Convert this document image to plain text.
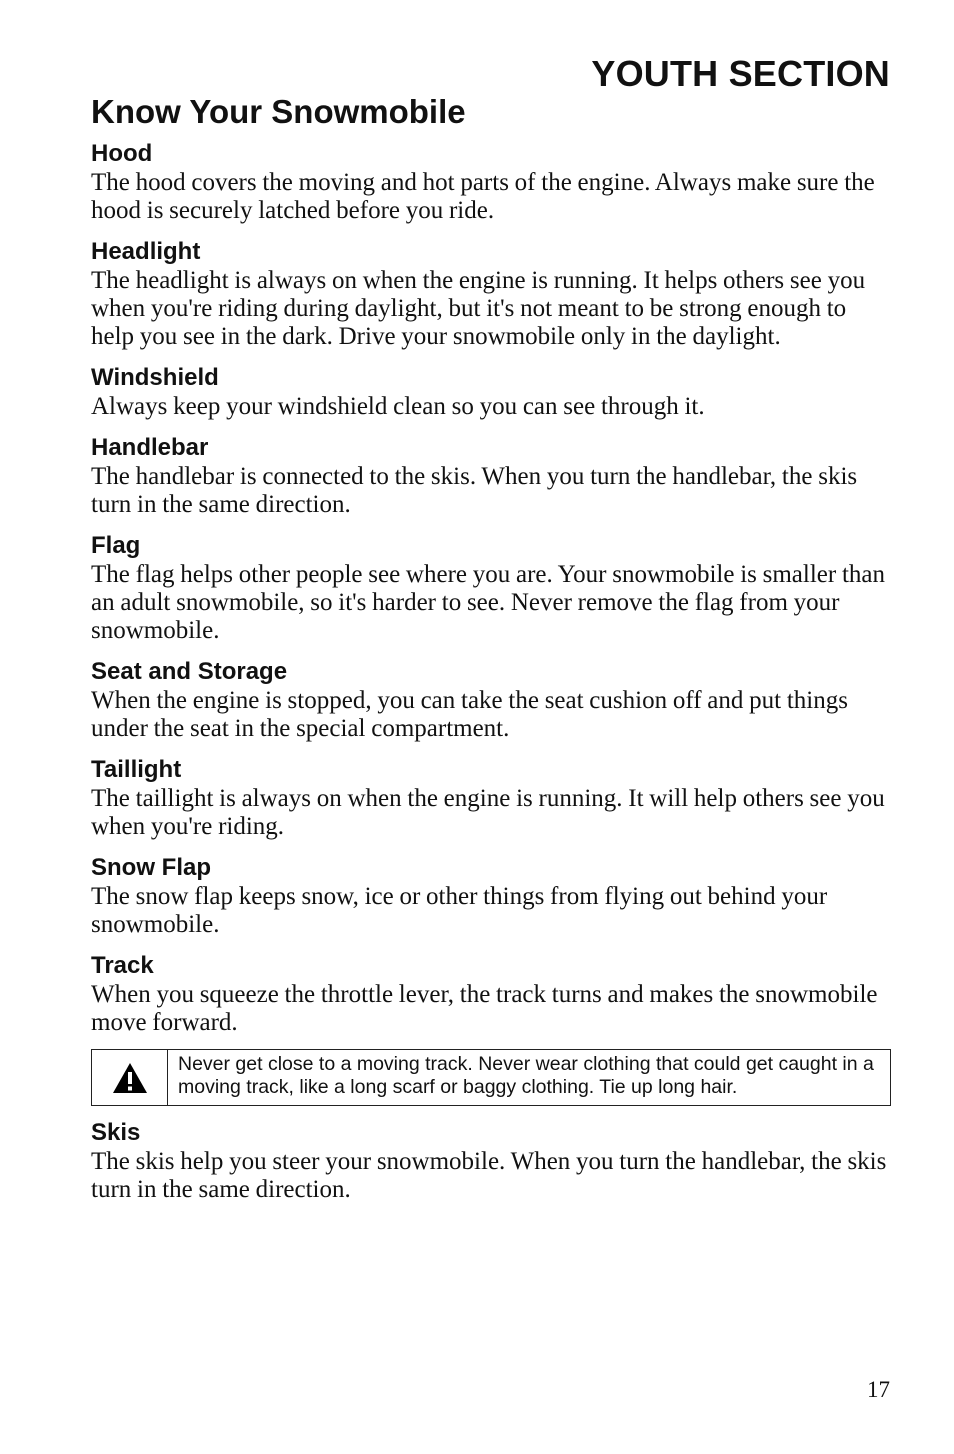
YOUTH SECTION
Know Your Snowmobile
Hood

The hood covers the moving and hot parts of the engine. Always make sure the hood is securely latched before you ride.

Headlight

The headlight is always on when the engine is running. It helps others see you when you're riding during daylight, but it's not meant to be strong enough to help you see in the dark. Drive your snowmobile only in the daylight.

Windshield

Always keep your windshield clean so you can see through it.

Handlebar

The handlebar is connected to the skis. When you turn the handlebar, the skis turn in the same direction.

Flag

The flag helps other people see where you are. Your snowmobile is smaller than an adult snowmobile, so it's harder to see. Never remove the flag from your snowmobile.

Seat and Storage

When the engine is stopped, you can take the seat cushion off and put things under the seat in the special compartment.

Taillight

The taillight is always on when the engine is running. It will help others see you when you're riding.

Snow Flap

The snow flap keeps snow, ice or other things from flying out behind your snowmobile.

Track

When you squeeze the throttle lever, the track turns and makes the snowmobile move forward.

Never get close to a moving track. Never wear clothing that could get caught in a moving track, like a long scarf or baggy clothing. Tie up long hair.
Skis

The skis help you steer your snowmobile. When you turn the handlebar, the skis turn in the same direction.

17
